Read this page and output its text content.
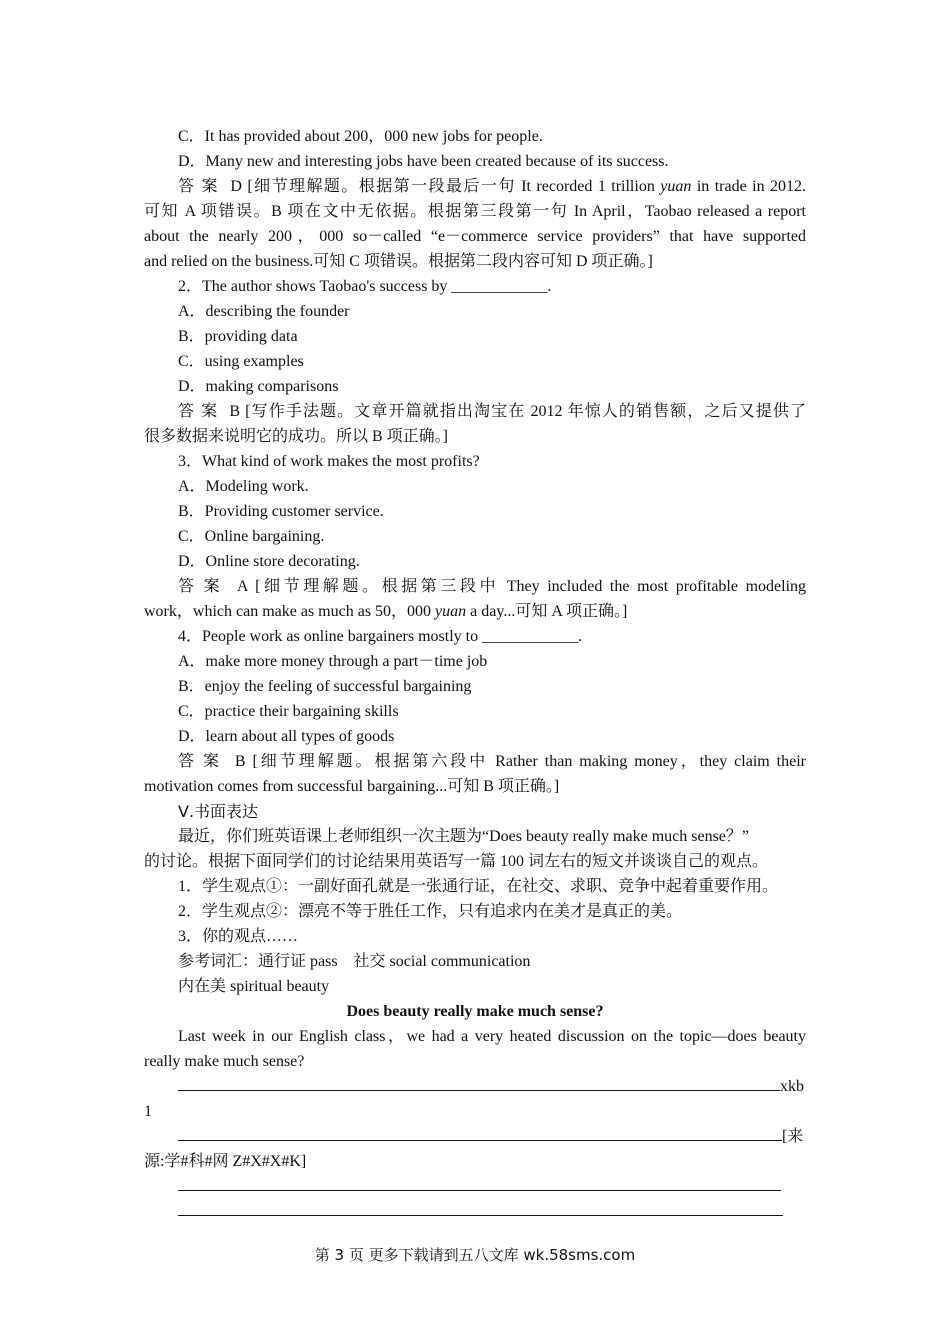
C．It has provided about 200，000 new jobs for people.
D．Many new and interesting jobs have been created because of its success.
答案 D [细节理解题。根据第一段最后一句 It recorded 1 trillion yuan in trade in 2012.
可知 A 项错误。B 项在文中无依据。根据第三段第一句 In April，Taobao released a report
about the nearly 200，000 so－called “e－commerce service providers” that have supported
and relied on the business.可知 C 项错误。根据第二段内容可知 D 项正确。]
2．The author shows Taobao's success by ____________.
A．describing the founder
B．providing data
C．using examples
D．making comparisons
答案 B [写作手法题。文章开篇就指出淘宝在 2012 年惊人的销售额，之后又提供了
很多数据来说明它的成功。所以 B 项正确。]
3．What kind of work makes the most profits?
A．Modeling work.
B．Providing customer service.
C．Online bargaining.
D．Online store decorating.
答案 A [细节理解题。根据第三段中 They included the most profitable modeling
work，which can make as much as 50，000 yuan a day...可知 A 项正确。]
4．People work as online bargainers mostly to ____________.
A．make more money through a part－time job
B．enjoy the feeling of successful bargaining
C．practice their bargaining skills
D．learn about all types of goods
答案 B [细节理解题。根据第六段中 Rather than making money，they claim their
motivation comes from successful bargaining...可知 B 项正确。]
Ⅴ.书面表达
最近，你们班英语课上老师组织一次主题为“Does beauty really make much sense？”
的讨论。根据下面同学们的讨论结果用英语写一篇 100 词左右的短文并谈谈自己的观点。
1．学生观点①：一副好面孔就是一张通行证，在社交、求职、竞争中起着重要作用。
2．学生观点②：漂亮不等于胜任工作，只有追求内在美才是真正的美。
3．你的观点……
参考词汇：通行证 pass　社交 social communication
内在美 spiritual beauty
Does beauty really make much sense?
Last week in our English class，we had a very heated discussion on the topic—does beauty
really make much sense?
xkb
1
[来
源:学#科#网 Z#X#X#K]
第 3 页 更多下载请到五八文库 wk.58sms.com
